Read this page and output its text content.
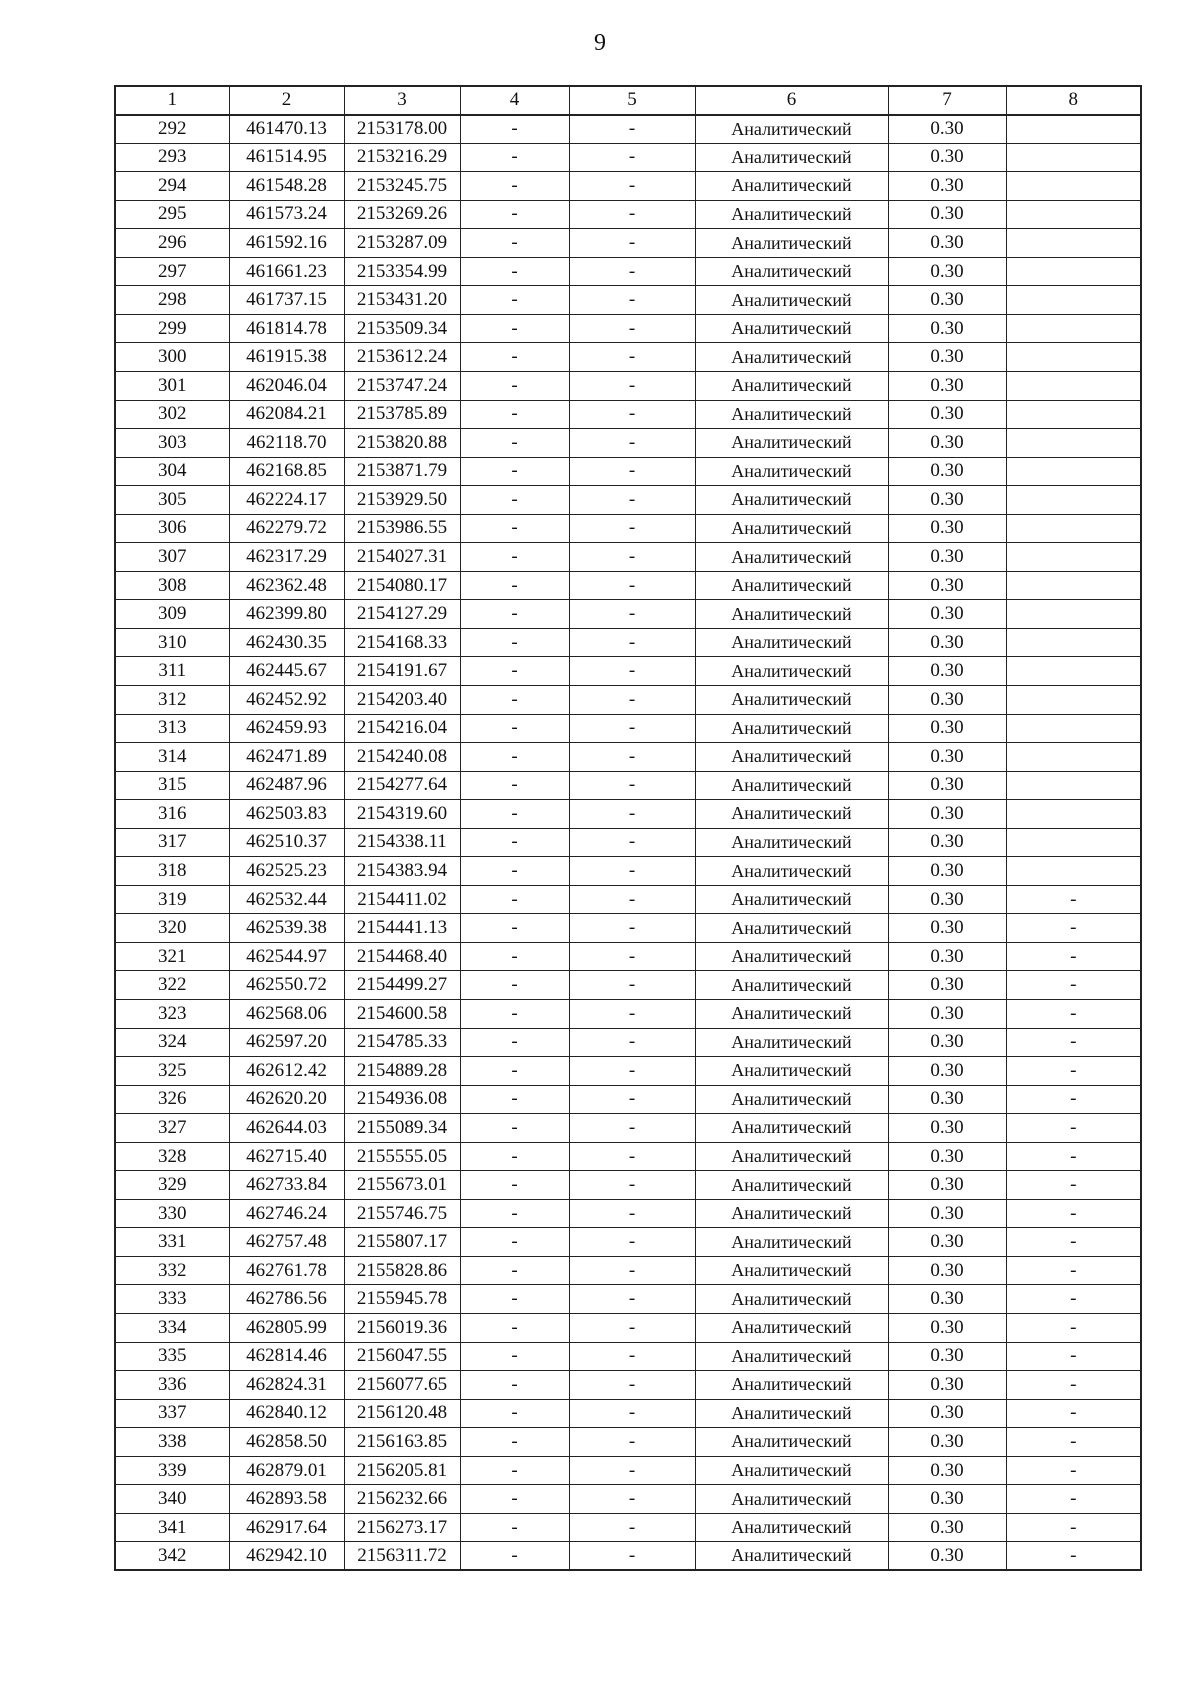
9
1	2	3	4	5	6	7	8
292	461470.13	2153178.00	-	-	Аналитический	0.30	
293	461514.95	2153216.29	-	-	Аналитический	0.30	
294	461548.28	2153245.75	-	-	Аналитический	0.30	
295	461573.24	2153269.26	-	-	Аналитический	0.30	
296	461592.16	2153287.09	-	-	Аналитический	0.30	
297	461661.23	2153354.99	-	-	Аналитический	0.30	
298	461737.15	2153431.20	-	-	Аналитический	0.30	
299	461814.78	2153509.34	-	-	Аналитический	0.30	
300	461915.38	2153612.24	-	-	Аналитический	0.30	
301	462046.04	2153747.24	-	-	Аналитический	0.30	
302	462084.21	2153785.89	-	-	Аналитический	0.30	
303	462118.70	2153820.88	-	-	Аналитический	0.30	
304	462168.85	2153871.79	-	-	Аналитический	0.30	
305	462224.17	2153929.50	-	-	Аналитический	0.30	
306	462279.72	2153986.55	-	-	Аналитический	0.30	
307	462317.29	2154027.31	-	-	Аналитический	0.30	
308	462362.48	2154080.17	-	-	Аналитический	0.30	
309	462399.80	2154127.29	-	-	Аналитический	0.30	
310	462430.35	2154168.33	-	-	Аналитический	0.30	
311	462445.67	2154191.67	-	-	Аналитический	0.30	
312	462452.92	2154203.40	-	-	Аналитический	0.30	
313	462459.93	2154216.04	-	-	Аналитический	0.30	
314	462471.89	2154240.08	-	-	Аналитический	0.30	
315	462487.96	2154277.64	-	-	Аналитический	0.30	
316	462503.83	2154319.60	-	-	Аналитический	0.30	
317	462510.37	2154338.11	-	-	Аналитический	0.30	
318	462525.23	2154383.94	-	-	Аналитический	0.30	
319	462532.44	2154411.02	-	-	Аналитический	0.30	-
320	462539.38	2154441.13	-	-	Аналитический	0.30	-
321	462544.97	2154468.40	-	-	Аналитический	0.30	-
322	462550.72	2154499.27	-	-	Аналитический	0.30	-
323	462568.06	2154600.58	-	-	Аналитический	0.30	-
324	462597.20	2154785.33	-	-	Аналитический	0.30	-
325	462612.42	2154889.28	-	-	Аналитический	0.30	-
326	462620.20	2154936.08	-	-	Аналитический	0.30	-
327	462644.03	2155089.34	-	-	Аналитический	0.30	-
328	462715.40	2155555.05	-	-	Аналитический	0.30	-
329	462733.84	2155673.01	-	-	Аналитический	0.30	-
330	462746.24	2155746.75	-	-	Аналитический	0.30	-
331	462757.48	2155807.17	-	-	Аналитический	0.30	-
332	462761.78	2155828.86	-	-	Аналитический	0.30	-
333	462786.56	2155945.78	-	-	Аналитический	0.30	-
334	462805.99	2156019.36	-	-	Аналитический	0.30	-
335	462814.46	2156047.55	-	-	Аналитический	0.30	-
336	462824.31	2156077.65	-	-	Аналитический	0.30	-
337	462840.12	2156120.48	-	-	Аналитический	0.30	-
338	462858.50	2156163.85	-	-	Аналитический	0.30	-
339	462879.01	2156205.81	-	-	Аналитический	0.30	-
340	462893.58	2156232.66	-	-	Аналитический	0.30	-
341	462917.64	2156273.17	-	-	Аналитический	0.30	-
342	462942.10	2156311.72	-	-	Аналитический	0.30	-
